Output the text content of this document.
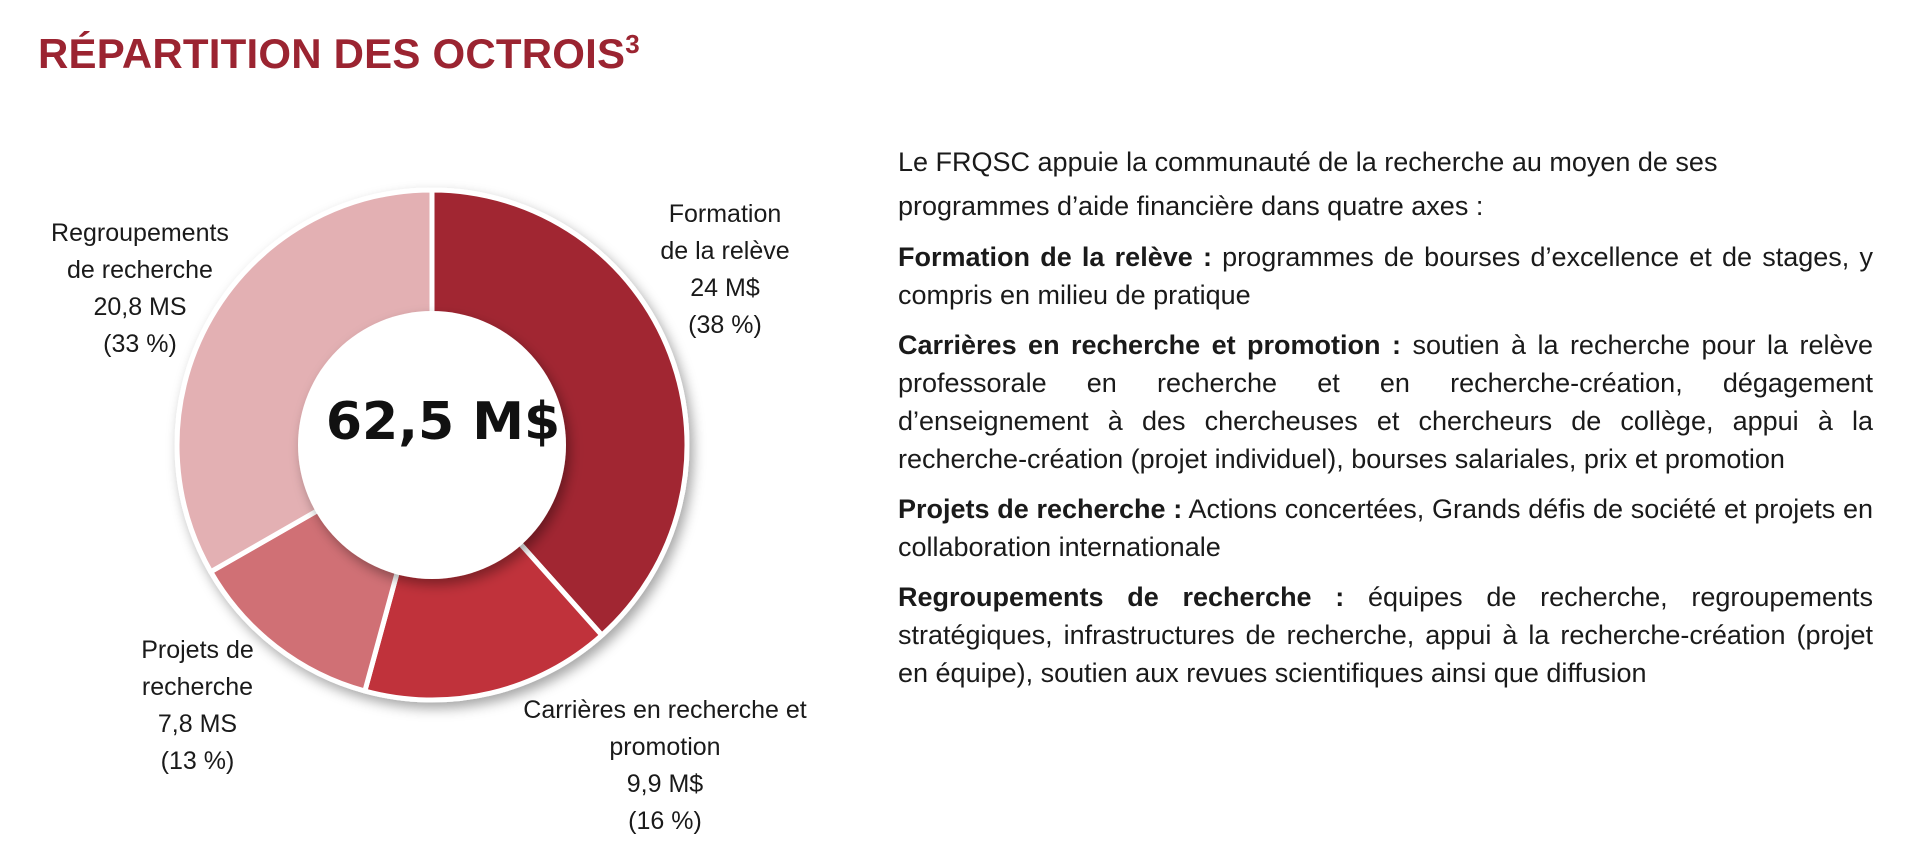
RÉPARTITION DES OCTROIS$^3$
62,5 M$
Formation
de la relève
24 M$
(38 %)
Carrières en recherche et
promotion
9,9 M$
(16 %)
Projets de
recherche
7,8 MS
(13 %)
Regroupements
de recherche
20,8 MS
(33 %)

Le FRQSC appuie la communauté de la recherche au moyen de ses programmes d’aide financière dans quatre axes :

Formation de la relève : programmes de bourses d’excellence et de stages, y compris en milieu de pratique

Carrières en recherche et promotion : soutien à la recherche pour la relève professorale en recherche et en recherche-création, dégagement d’enseignement à des chercheuses et chercheurs de collège, appui à la recherche-création (projet individuel), bourses salariales, prix et promotion

Projets de recherche : Actions concertées, Grands défis de société et projets en collaboration internationale

Regroupements de recherche : équipes de recherche, regroupements stratégiques, infrastructures de recherche, appui à la recherche-création (projet en équipe), soutien aux revues scientifiques ainsi que diffusion
